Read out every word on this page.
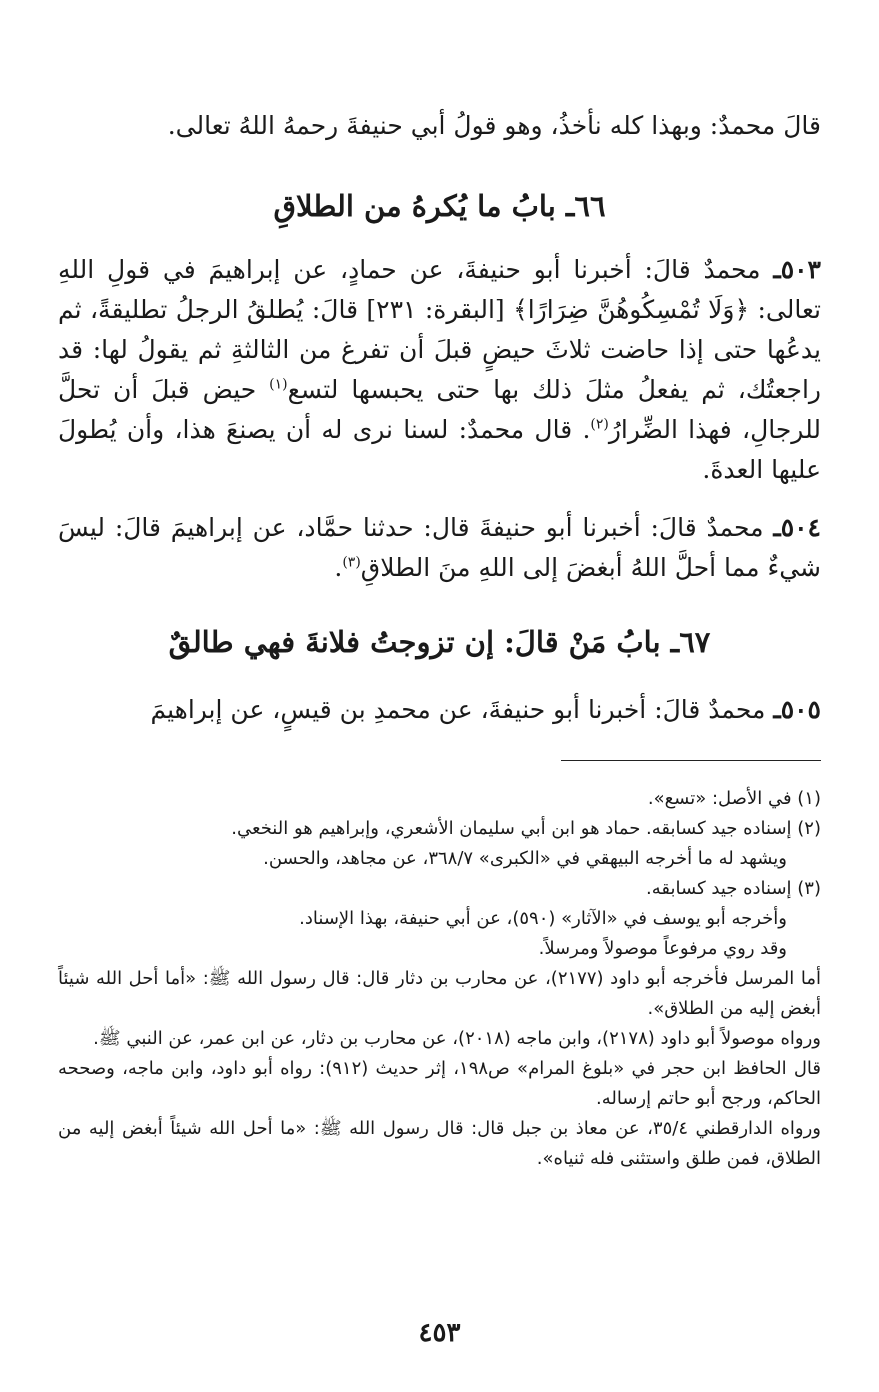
قالَ محمدٌ: وبهذا كله نأخذُ، وهو قولُ أبي حنيفةَ رحمهُ اللهُ تعالى.

٦٦ـ بابُ ما يُكرهُ من الطلاقِ

٥٠٣ـ محمدٌ قالَ: أخبرنا أبو حنيفةَ، عن حمادٍ، عن إبراهيمَ في قولِ اللهِ تعالى: ﴿وَلَا تُمْسِكُوهُنَّ ضِرَارًا﴾ [البقرة: ٢٣١] قالَ: يُطلقُ الرجلُ تطليقةً، ثم يدعُها حتى إذا حاضت ثلاثَ حيضٍ قبلَ أن تفرغ من الثالثةِ ثم يقولُ لها: قد راجعتُك، ثم يفعلُ مثلَ ذلك بها حتى يحبسها لتسع$^{(١)}$ حيض قبلَ أن تحلَّ للرجالِ، فهذا الضِّرارُ$^{(٢)}$. قال محمدٌ: لسنا نرى له أن يصنعَ هذا، وأن يُطولَ عليها العدةَ.

٥٠٤ـ محمدٌ قالَ: أخبرنا أبو حنيفةَ قال: حدثنا حمَّاد، عن إبراهيمَ قالَ: ليسَ شيءٌ مما أحلَّ اللهُ أبغضَ إلى اللهِ منَ الطلاقِ$^{(٣)}$.

٦٧ـ بابُ مَنْ قالَ: إن تزوجتُ فلانةَ فهي طالقٌ

٥٠٥ـ محمدٌ قالَ: أخبرنا أبو حنيفةَ، عن محمدِ بن قيسٍ، عن إبراهيمَ

(١) في الأصل: «تسع».

(٢) إسناده جيد كسابقه. حماد هو ابن أبي سليمان الأشعري، وإبراهيم هو النخعي.

ويشهد له ما أخرجه البيهقي في «الكبرى» ٣٦٨/٧، عن مجاهد، والحسن.

(٣) إسناده جيد كسابقه.

وأخرجه أبو يوسف في «الآثار» (٥٩٠)، عن أبي حنيفة، بهذا الإسناد.

وقد روي مرفوعاً موصولاً ومرسلاً.

أما المرسل فأخرجه أبو داود (٢١٧٧)، عن محارب بن دثار قال: قال رسول الله ﷺ: «أما أحل الله شيئاً أبغض إليه من الطلاق».

ورواه موصولاً أبو داود (٢١٧٨)، وابن ماجه (٢٠١٨)، عن محارب بن دثار، عن ابن عمر، عن النبي ﷺ.

قال الحافظ ابن حجر في «بلوغ المرام» ص١٩٨، إثر حديث (٩١٢): رواه أبو داود، وابن ماجه، وصححه الحاكم، ورجح أبو حاتم إرساله.

ورواه الدارقطني ٣٥/٤، عن معاذ بن جبل قال: قال رسول الله ﷺ: «ما أحل الله شيئاً أبغض إليه من الطلاق، فمن طلق واستثنى فله ثنياه».

٤٥٣
